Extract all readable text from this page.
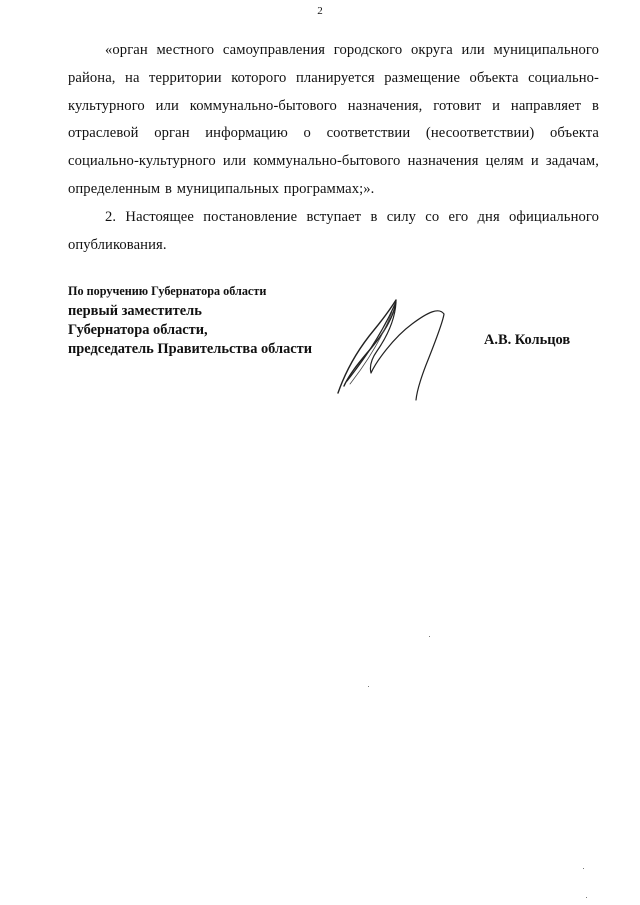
2

«орган местного самоуправления городского округа или муниципального района, на территории которого планируется размещение объекта социально-культурного или коммунально-бытового назначения, готовит и направляет в отраслевой орган информацию о соответствии (несоответствии) объекта социально-культурного или коммунально-бытового назначения целям и задачам, определенным в муниципальных программах;».

2. Настоящее постановление вступает в силу со его дня официального опубликования.

По поручению Губернатора области
первый заместитель
Губернатора области,
председатель Правительства области
А.В. Кольцов
